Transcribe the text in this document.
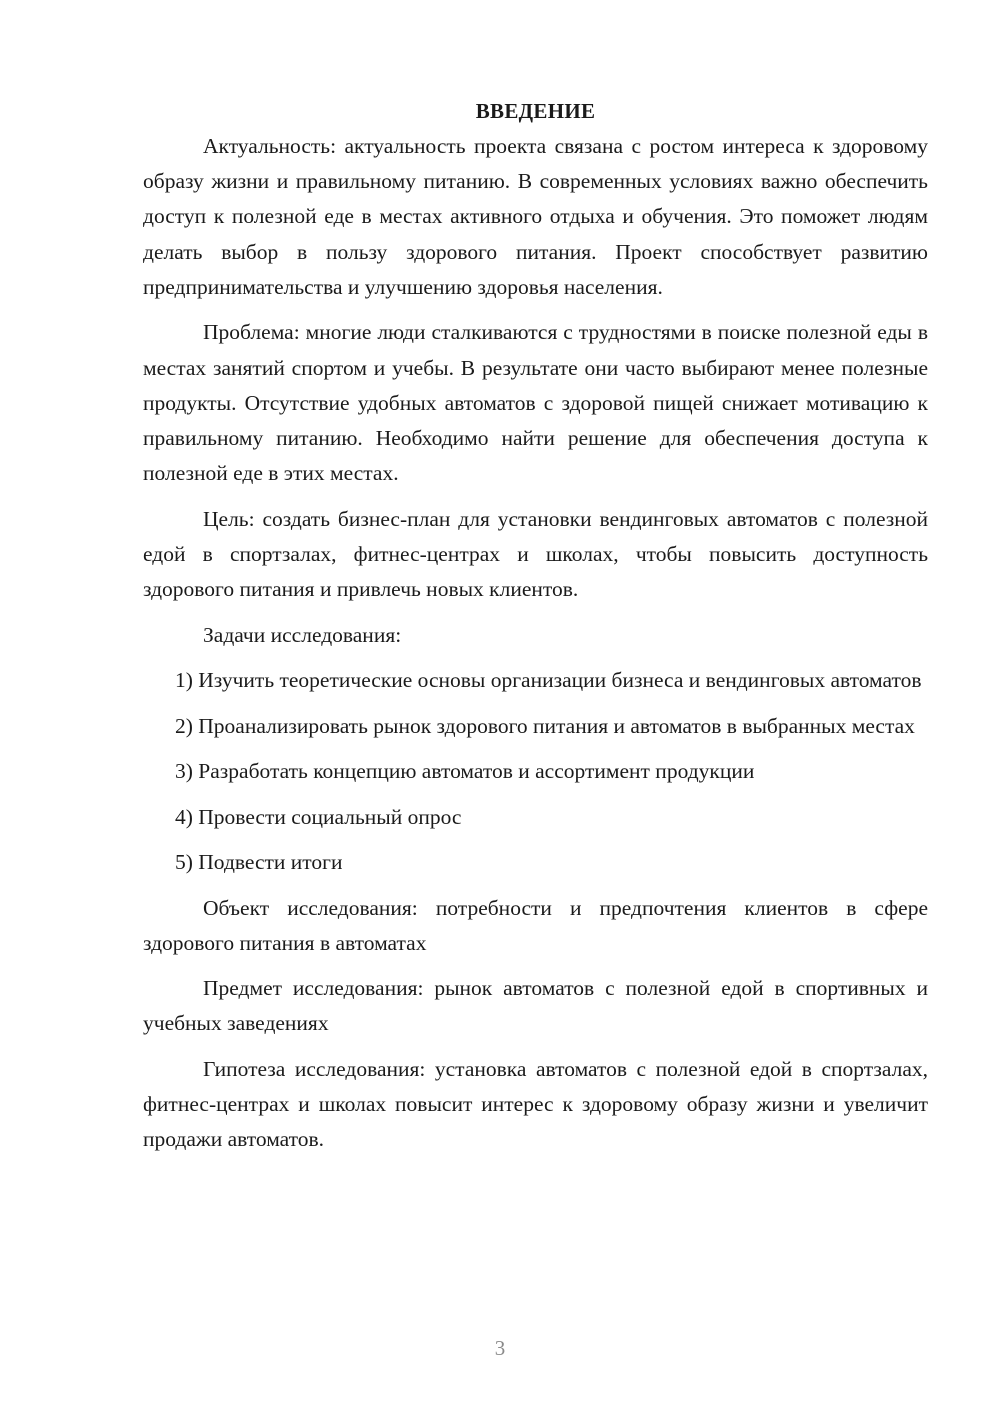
ВВЕДЕНИЕ

Актуальность: актуальность проекта связана с ростом интереса к здоровому образу жизни и правильному питанию. В современных условиях важно обеспечить доступ к полезной еде в местах активного отдыха и обучения. Это поможет людям делать выбор в пользу здорового питания. Проект способствует развитию предпринимательства и улучшению здоровья населения.

Проблема: многие люди сталкиваются с трудностями в поиске полезной еды в местах занятий спортом и учебы. В результате они часто выбирают менее полезные продукты. Отсутствие удобных автоматов с здоровой пищей снижает мотивацию к правильному питанию. Необходимо найти решение для обеспечения доступа к полезной еде в этих местах.

Цель: создать бизнес-план для установки вендинговых автоматов с полезной едой в спортзалах, фитнес-центрах и школах, чтобы повысить доступность здорового питания и привлечь новых клиентов.

Задачи исследования:

1) Изучить теоретические основы организации бизнеса и вендинговых автоматов

2) Проанализировать рынок здорового питания и автоматов в выбранных местах

3) Разработать концепцию автоматов и ассортимент продукции

4) Провести социальный опрос

5) Подвести итоги

Объект исследования: потребности и предпочтения клиентов в сфере здорового питания в автоматах

Предмет исследования: рынок автоматов с полезной едой в спортивных и учебных заведениях

Гипотеза исследования: установка автоматов с полезной едой в спортзалах, фитнес-центрах и школах повысит интерес к здоровому образу жизни и увеличит продажи автоматов.

3
